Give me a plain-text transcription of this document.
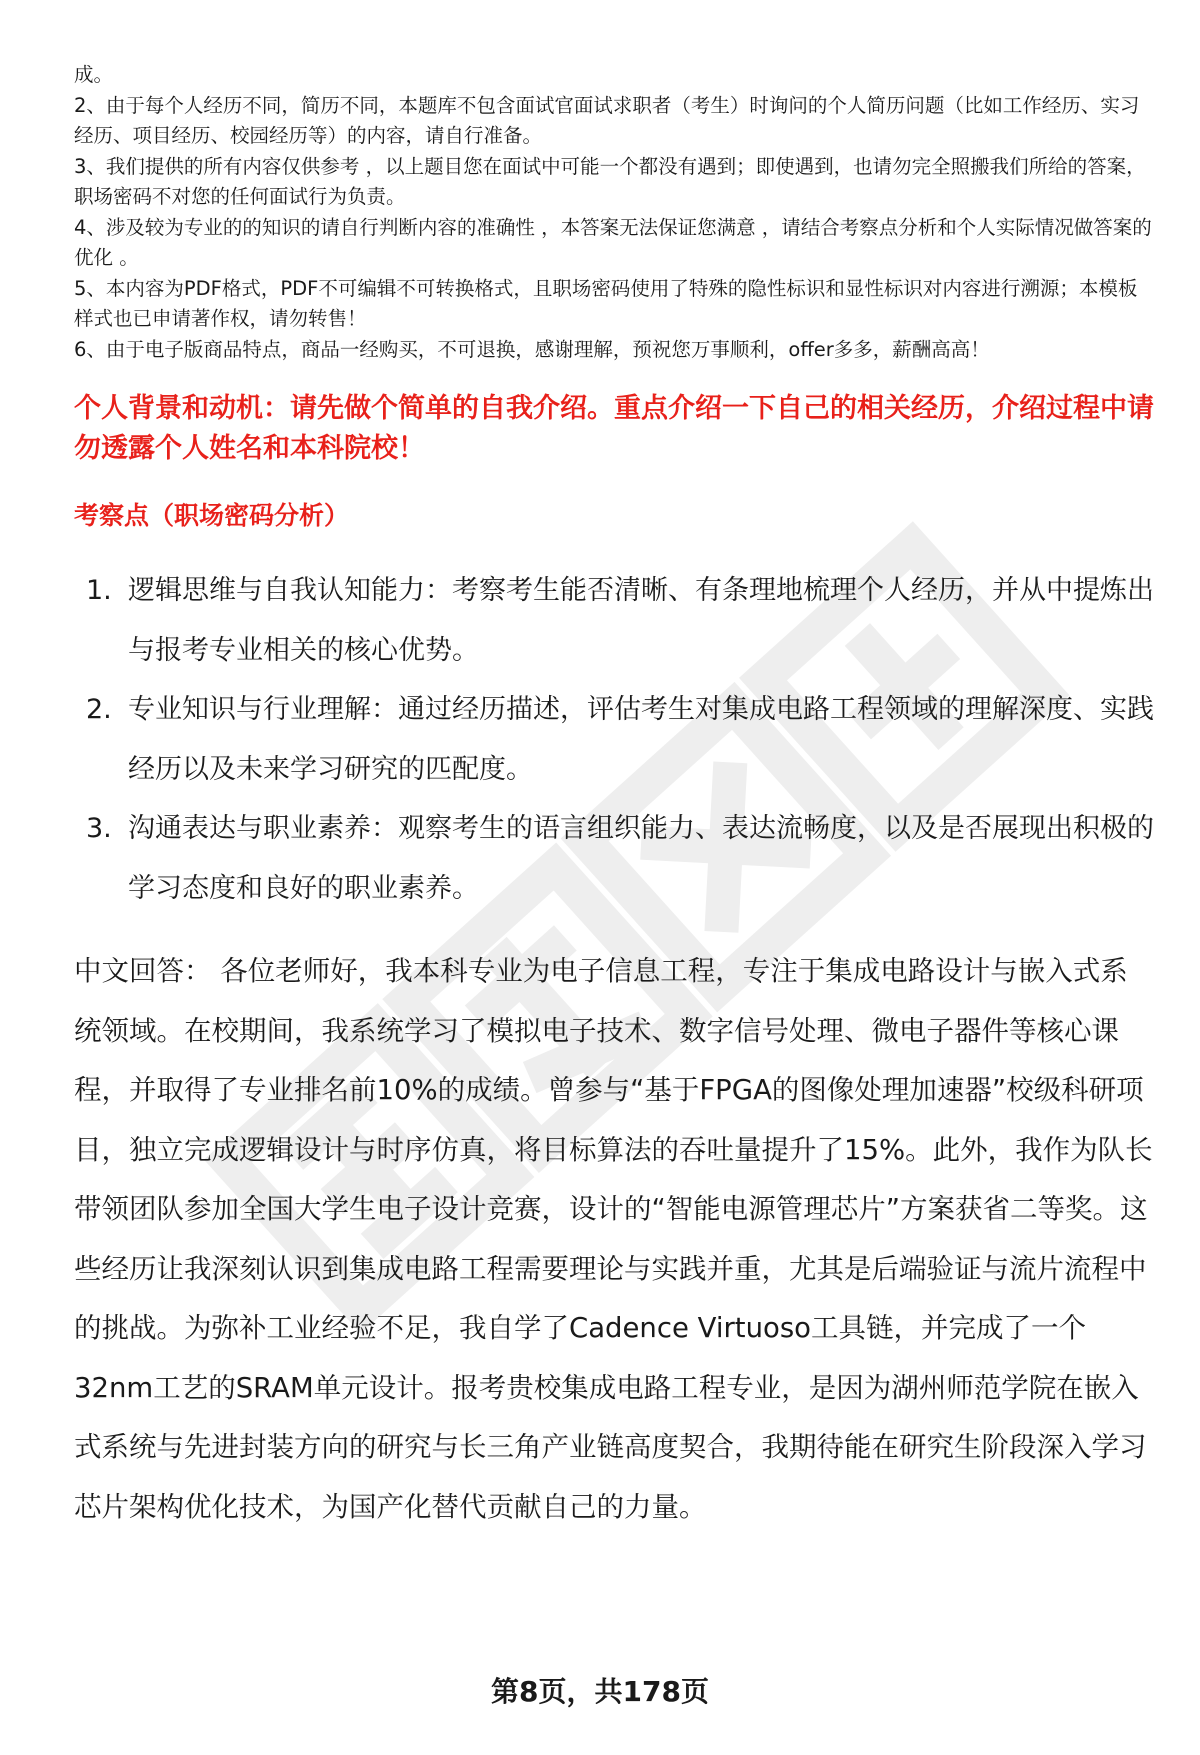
成。

2、由于每个人经历不同，简历不同，本题库不包含面试官面试求职者（考生）时询问的个人简历问题（比如工作经历、实习经历、项目经历、校园经历等）的内容，请自行准备。

3、我们提供的所有内容仅供参考 ，以上题目您在面试中可能一个都没有遇到；即使遇到，也请勿完全照搬我们所给的答案，职场密码不对您的任何面试行为负责。

4、涉及较为专业的的知识的请自行判断内容的准确性 ，本答案无法保证您满意 ，请结合考察点分析和个人实际情况做答案的优化 。

5、本内容为PDF格式，PDF不可编辑不可转换格式，且职场密码使用了特殊的隐性标识和显性标识对内容进行溯源；本模板样式也已申请著作权，请勿转售！

6、由于电子版商品特点，商品一经购买，不可退换，感谢理解，预祝您万事顺利，offer多多，薪酬高高！

个人背景和动机：请先做个简单的自我介绍。重点介绍一下自己的相关经历，介绍过程中请勿透露个人姓名和本科院校！
考察点（职场密码分析）
1. 逻辑思维与自我认知能力：考察考生能否清晰、有条理地梳理个人经历，并从中提炼出与报考专业相关的核心优势。
2. 专业知识与行业理解：通过经历描述，评估考生对集成电路工程领域的理解深度、实践经历以及未来学习研究的匹配度。
3. 沟通表达与职业素养：观察考生的语言组织能力、表达流畅度，以及是否展现出积极的学习态度和良好的职业素养。
中文回答： 各位老师好，我本科专业为电子信息工程，专注于集成电路设计与嵌入式系统领域。在校期间，我系统学习了模拟电子技术、数字信号处理、微电子器件等核心课程，并取得了专业排名前10%的成绩。曾参与“基于FPGA的图像处理加速器”校级科研项目，独立完成逻辑设计与时序仿真，将目标算法的吞吐量提升了15%。此外，我作为队长带领团队参加全国大学生电子设计竞赛，设计的“智能电源管理芯片”方案获省二等奖。这些经历让我深刻认识到集成电路工程需要理论与实践并重，尤其是后端验证与流片流程中的挑战。为弥补工业经验不足，我自学了Cadence Virtuoso工具链，并完成了一个32nm工艺的SRAM单元设计。报考贵校集成电路工程专业，是因为湖州师范学院在嵌入式系统与先进封装方向的研究与长三角产业链高度契合，我期待能在研究生阶段深入学习芯片架构优化技术，为国产化替代贡献自己的力量。
第8页，共178页
